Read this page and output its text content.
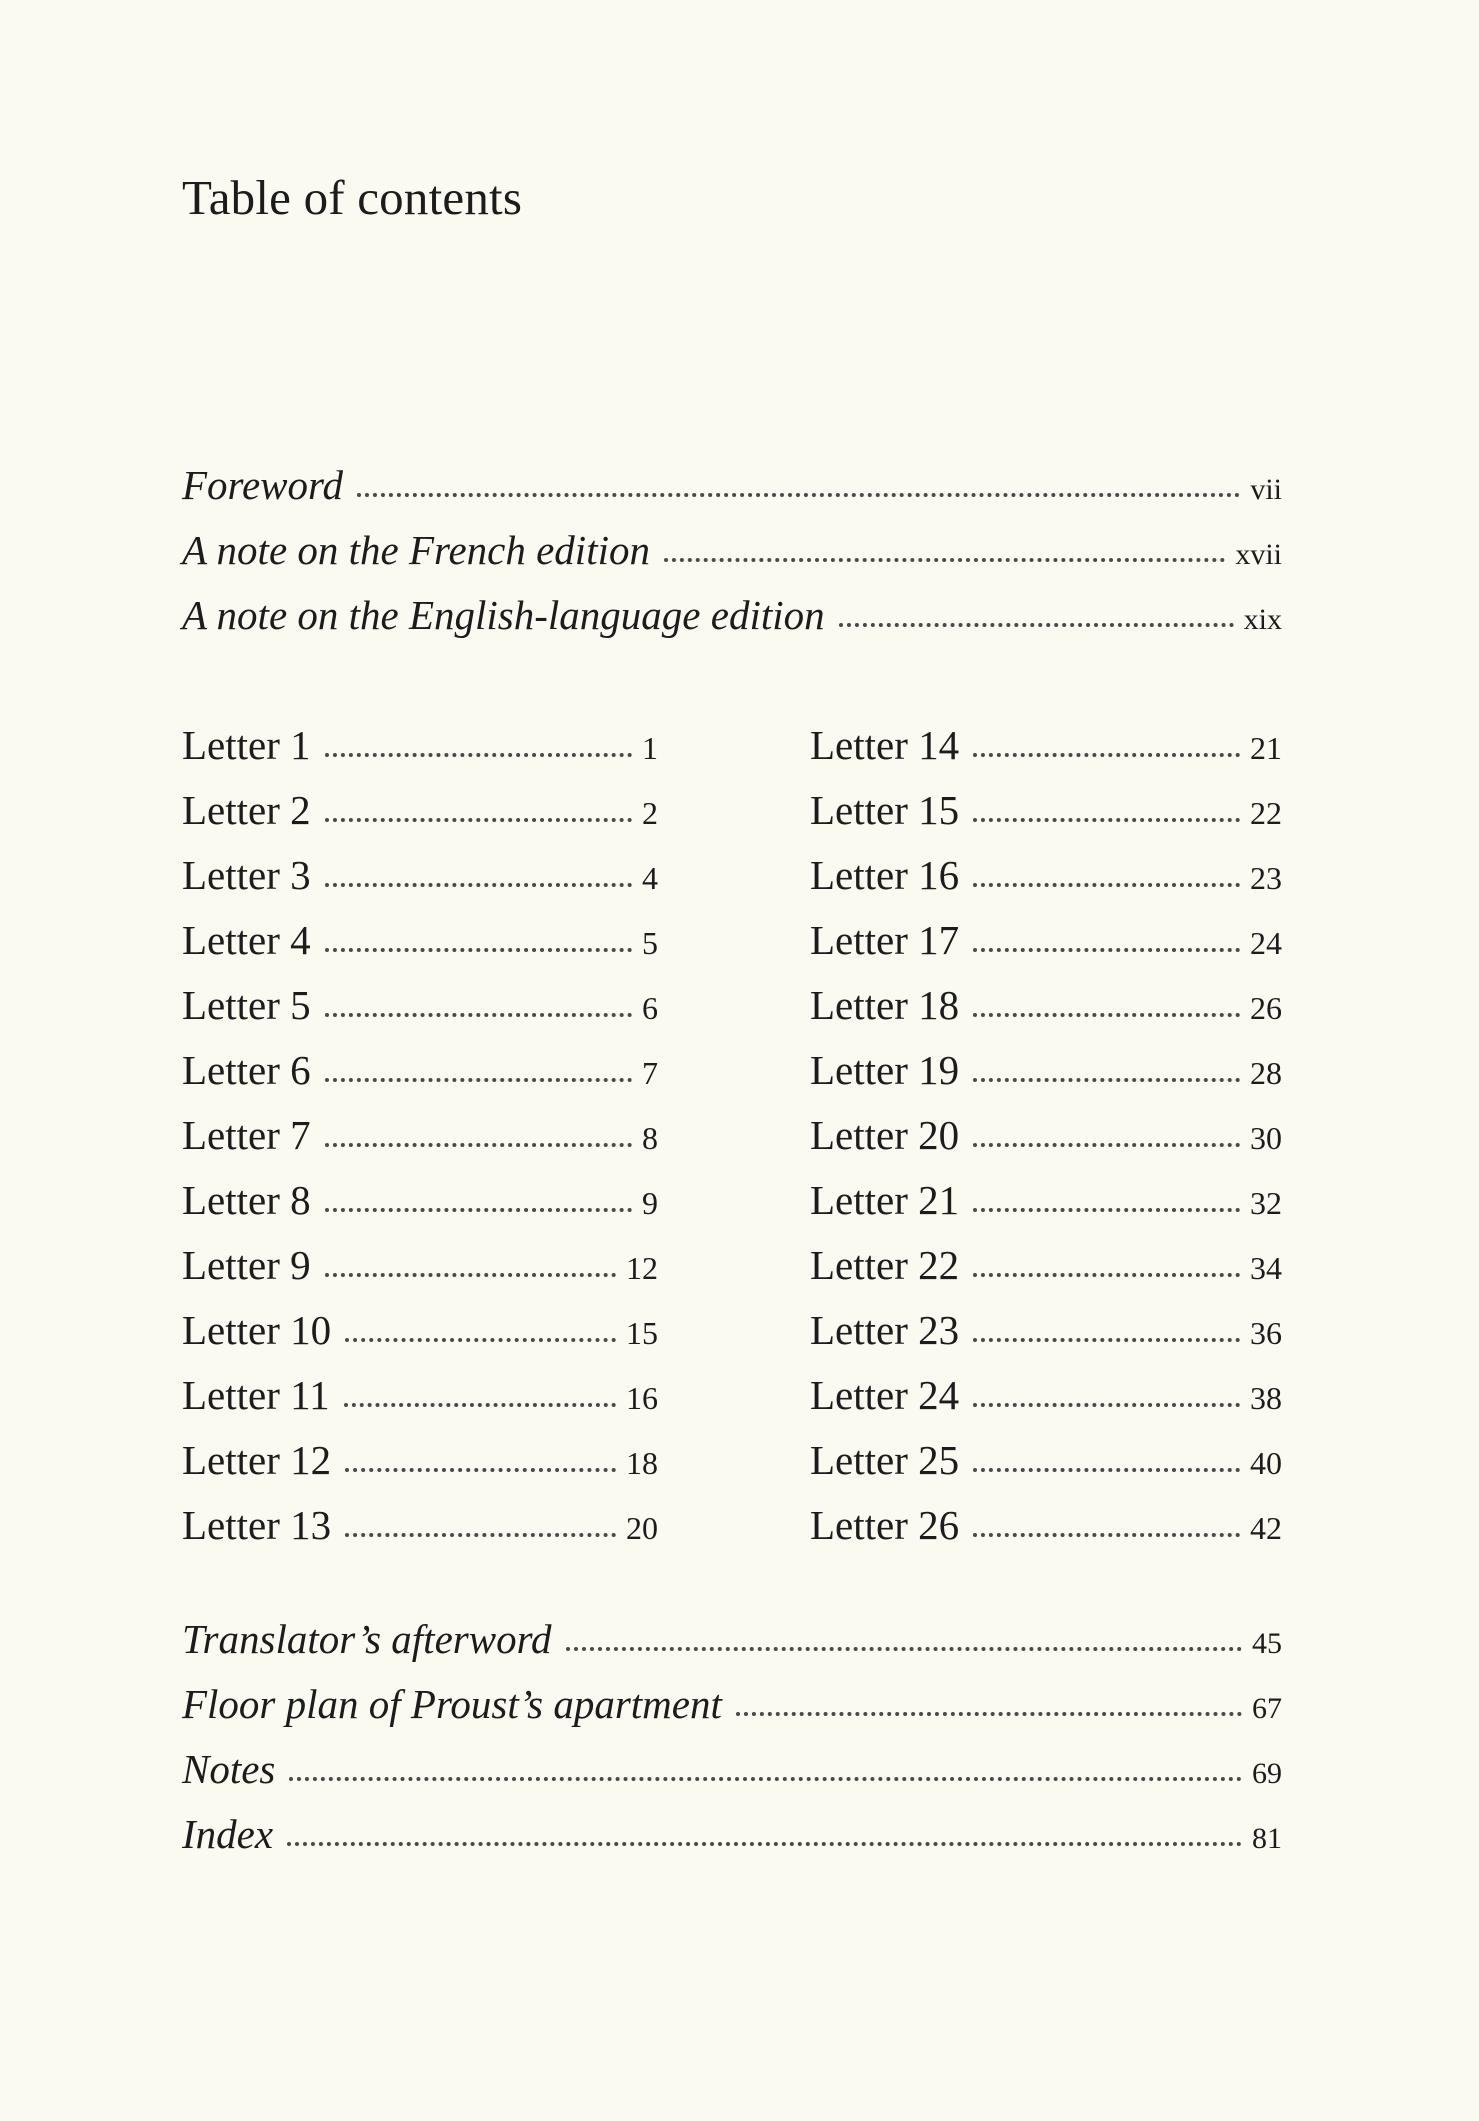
Table of contents
Foreword	vii
A note on the French edition	xvii
A note on the English-language edition	xix
Letter 1	1
Letter 2	2
Letter 3	4
Letter 4	5
Letter 5	6
Letter 6	7
Letter 7	8
Letter 8	9
Letter 9	12
Letter 10	15
Letter 11	16
Letter 12	18
Letter 13	20
Letter 14	21
Letter 15	22
Letter 16	23
Letter 17	24
Letter 18	26
Letter 19	28
Letter 20	30
Letter 21	32
Letter 22	34
Letter 23	36
Letter 24	38
Letter 25	40
Letter 26	42
Translator’s afterword	45
Floor plan of Proust’s apartment	67
Notes	69
Index	81
